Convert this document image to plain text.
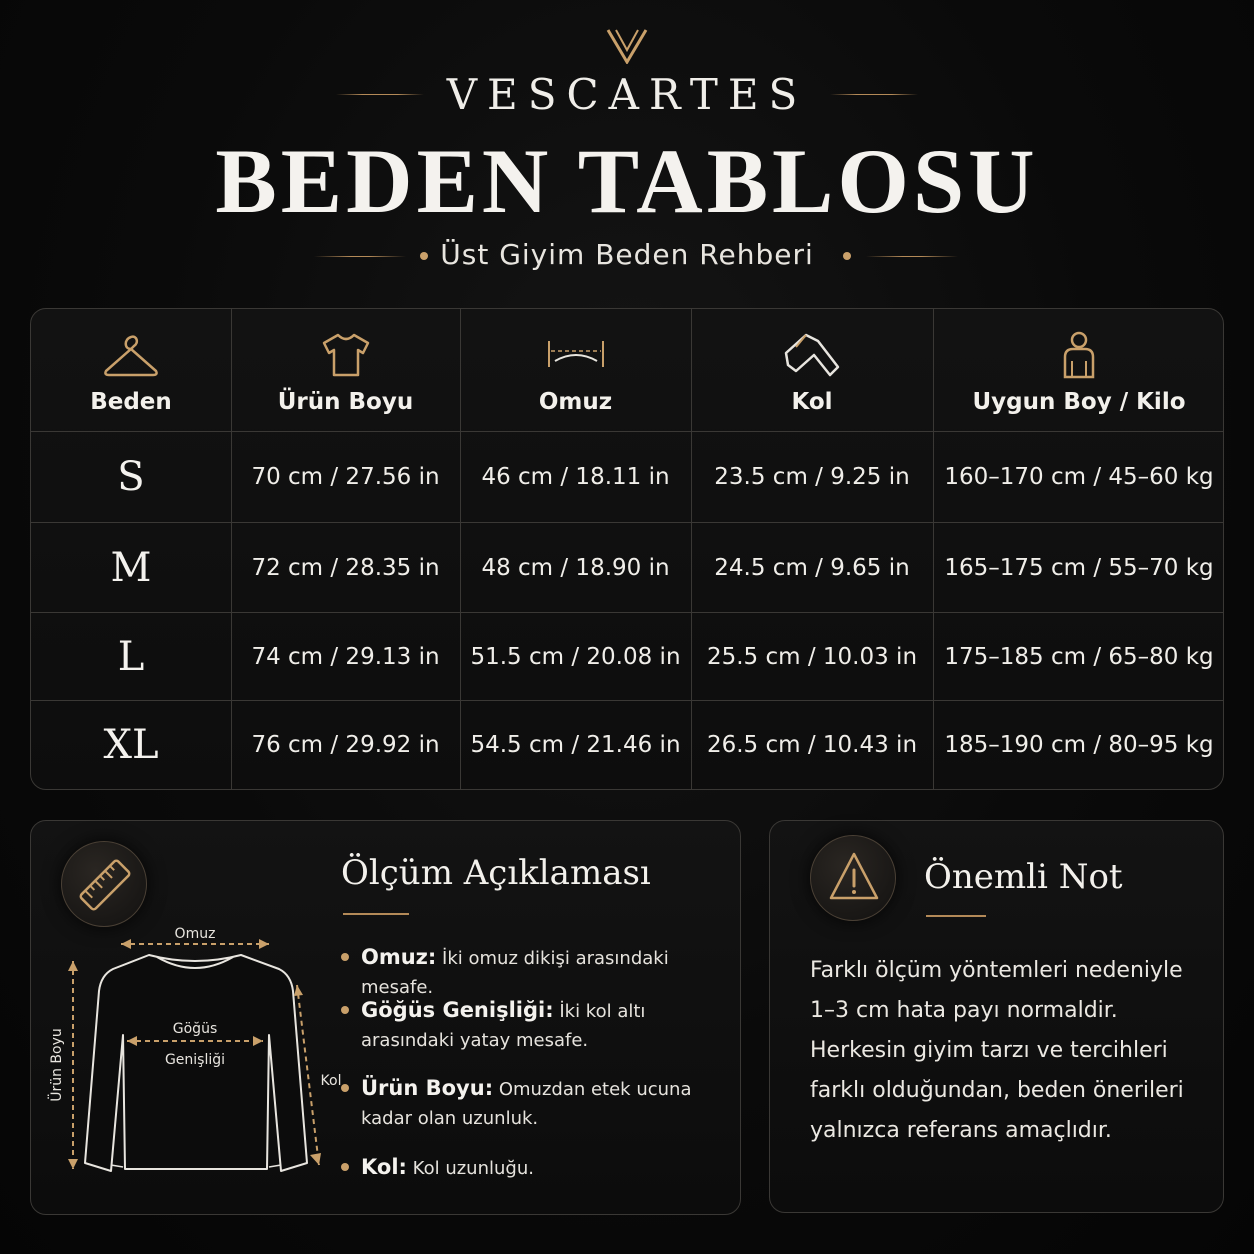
VESCARTES
BEDEN TABLOSU
Üst Giyim Beden Rehberi
Beden	Ürün Boyu	Omuz	Kol	Uygun Boy / Kilo
S	70 cm / 27.56 in	46 cm / 18.11 in	23.5 cm / 9.25 in	160–170 cm / 45–60 kg
M	72 cm / 28.35 in	48 cm / 18.90 in	24.5 cm / 9.65 in	165–175 cm / 55–70 kg
L	74 cm / 29.13 in	51.5 cm / 20.08 in	25.5 cm / 10.03 in	175–185 cm / 65–80 kg
XL	76 cm / 29.92 in	54.5 cm / 21.46 in	26.5 cm / 10.43 in	185–190 cm / 80–95 kg
Ölçüm Açıklaması
Omuz
Göğüs
Genişliği
Ürün Boyu	Kol
Omuz: İki omuz dikişi arasındaki mesafe.
Göğüs Genişliği: İki kol altı arasındaki yatay mesafe.
Ürün Boyu: Omuzdan etek ucuna kadar olan uzunluk.
Kol: Kol uzunluğu.
Önemli Not
Farklı ölçüm yöntemleri nedeniyle 1–3 cm hata payı normaldir. Herkesin giyim tarzı ve tercihleri farklı olduğundan, beden önerileri yalnızca referans amaçlıdır.
